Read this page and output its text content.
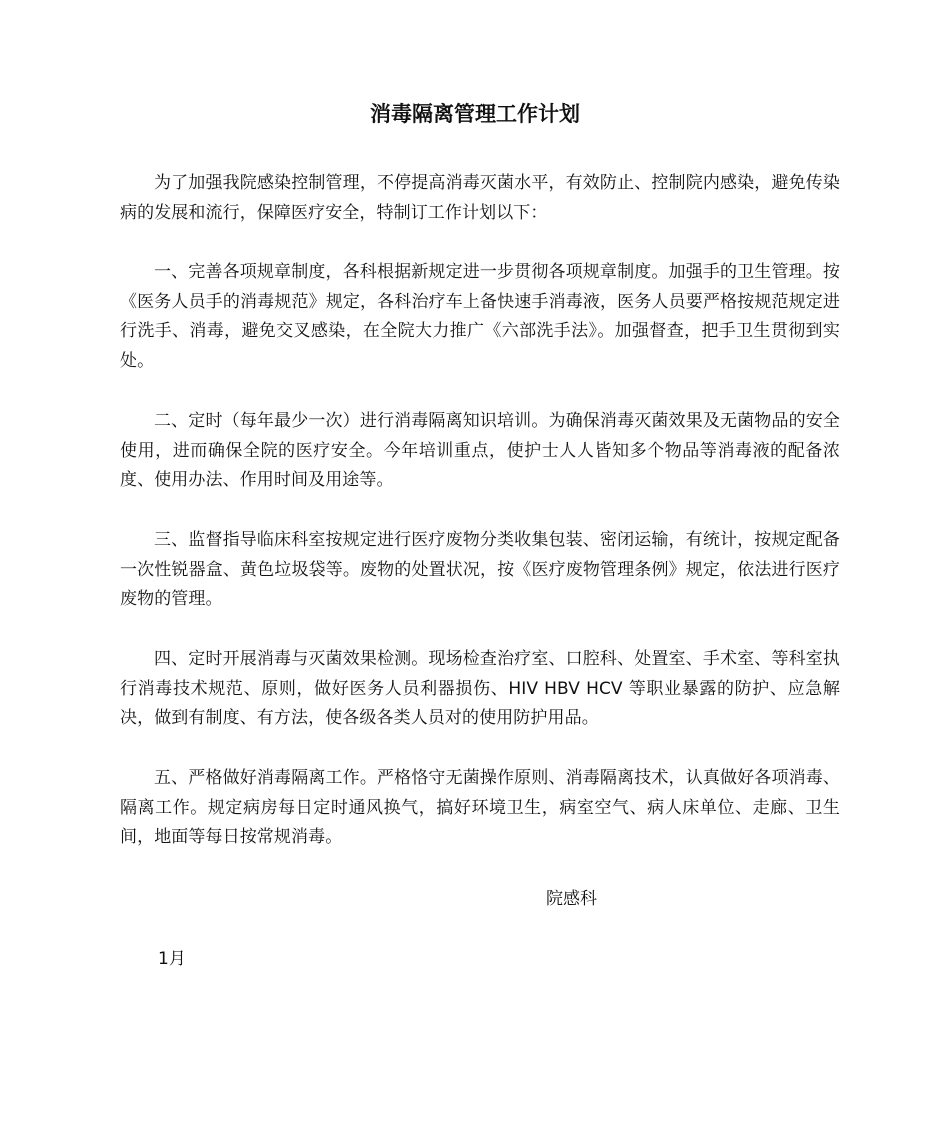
消毒隔离管理工作计划

为了加强我院感染控制管理，不停提高消毒灭菌水平，有效防止、控制院内感染，避免传染病的发展和流行，保障医疗安全，特制订工作计划以下：

一、完善各项规章制度，各科根据新规定进一步贯彻各项规章制度。加强手的卫生管理。按《医务人员手的消毒规范》规定，各科治疗车上备快速手消毒液，医务人员要严格按规范规定进行洗手、消毒，避免交叉感染，在全院大力推广《六部洗手法》。加强督查，把手卫生贯彻到实处。

二、定时（每年最少一次）进行消毒隔离知识培训。为确保消毒灭菌效果及无菌物品的安全使用，进而确保全院的医疗安全。今年培训重点，使护士人人皆知多个物品等消毒液的配备浓度、使用办法、作用时间及用途等。

三、监督指导临床科室按规定进行医疗废物分类收集包装、密闭运输，有统计，按规定配备一次性锐器盒、黄色垃圾袋等。废物的处置状况，按《医疗废物管理条例》规定，依法进行医疗废物的管理。

四、定时开展消毒与灭菌效果检测。现场检查治疗室、口腔科、处置室、手术室、等科室执行消毒技术规范、原则，做好医务人员利器损伤、HIV HBV HCV 等职业暴露的防护、应急解决，做到有制度、有方法，使各级各类人员对的使用防护用品。

五、严格做好消毒隔离工作。严格恪守无菌操作原则、消毒隔离技术，认真做好各项消毒、隔离工作。规定病房每日定时通风换气，搞好环境卫生，病室空气、病人床单位、走廊、卫生间，地面等每日按常规消毒。

院感科
1月
